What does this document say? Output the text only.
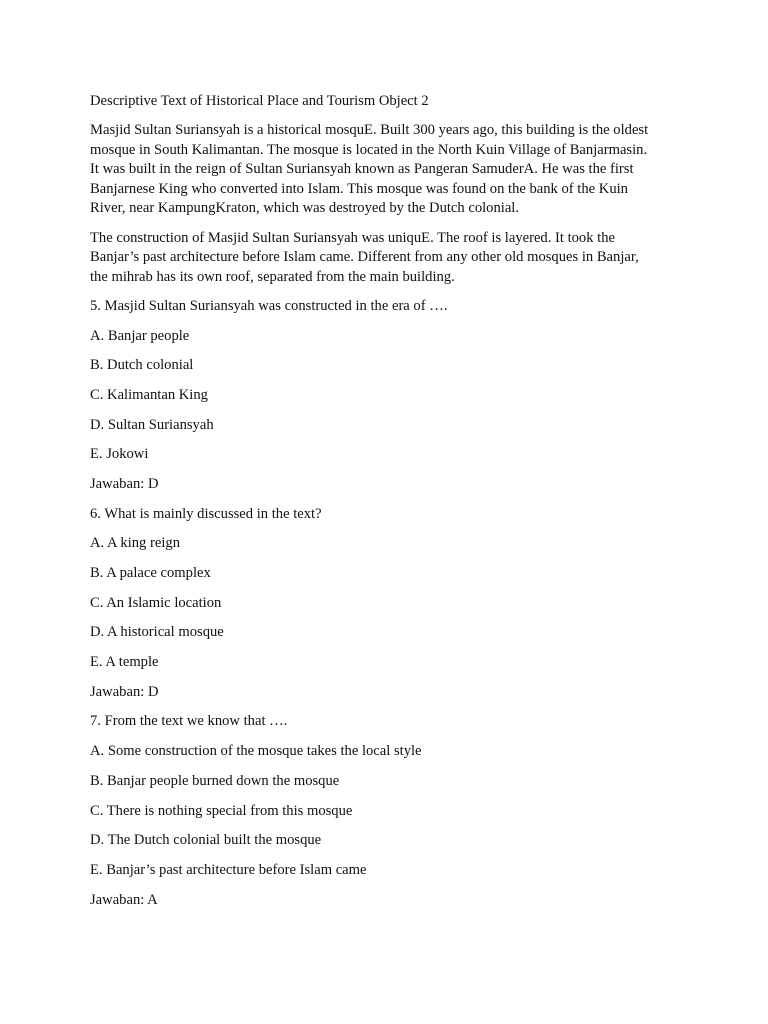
Descriptive Text of Historical Place and Tourism Object 2

Masjid Sultan Suriansyah is a historical mosquE. Built 300 years ago, this building is the oldest

mosque in South Kalimantan. The mosque is located in the North Kuin Village of Banjarmasin.

It was built in the reign of Sultan Suriansyah known as Pangeran SamuderA. He was the first

Banjarnese King who converted into Islam. This mosque was found on the bank of the Kuin

River, near KampungKraton, which was destroyed by the Dutch colonial.

The construction of Masjid Sultan Suriansyah was uniquE. The roof is layered. It took the

Banjar’s past architecture before Islam came. Different from any other old mosques in Banjar,

the mihrab has its own roof, separated from the main building.

5. Masjid Sultan Suriansyah was constructed in the era of ….
A. Banjar people
B. Dutch colonial
C. Kalimantan King
D. Sultan Suriansyah
E. Jokowi
Jawaban: D
6. What is mainly discussed in the text?
A. A king reign
B. A palace complex
C. An Islamic location
D. A historical mosque
E. A temple
Jawaban: D
7. From the text we know that ….
A. Some construction of the mosque takes the local style
B. Banjar people burned down the mosque
C. There is nothing special from this mosque
D. The Dutch colonial built the mosque
E. Banjar’s past architecture before Islam came
Jawaban: A
